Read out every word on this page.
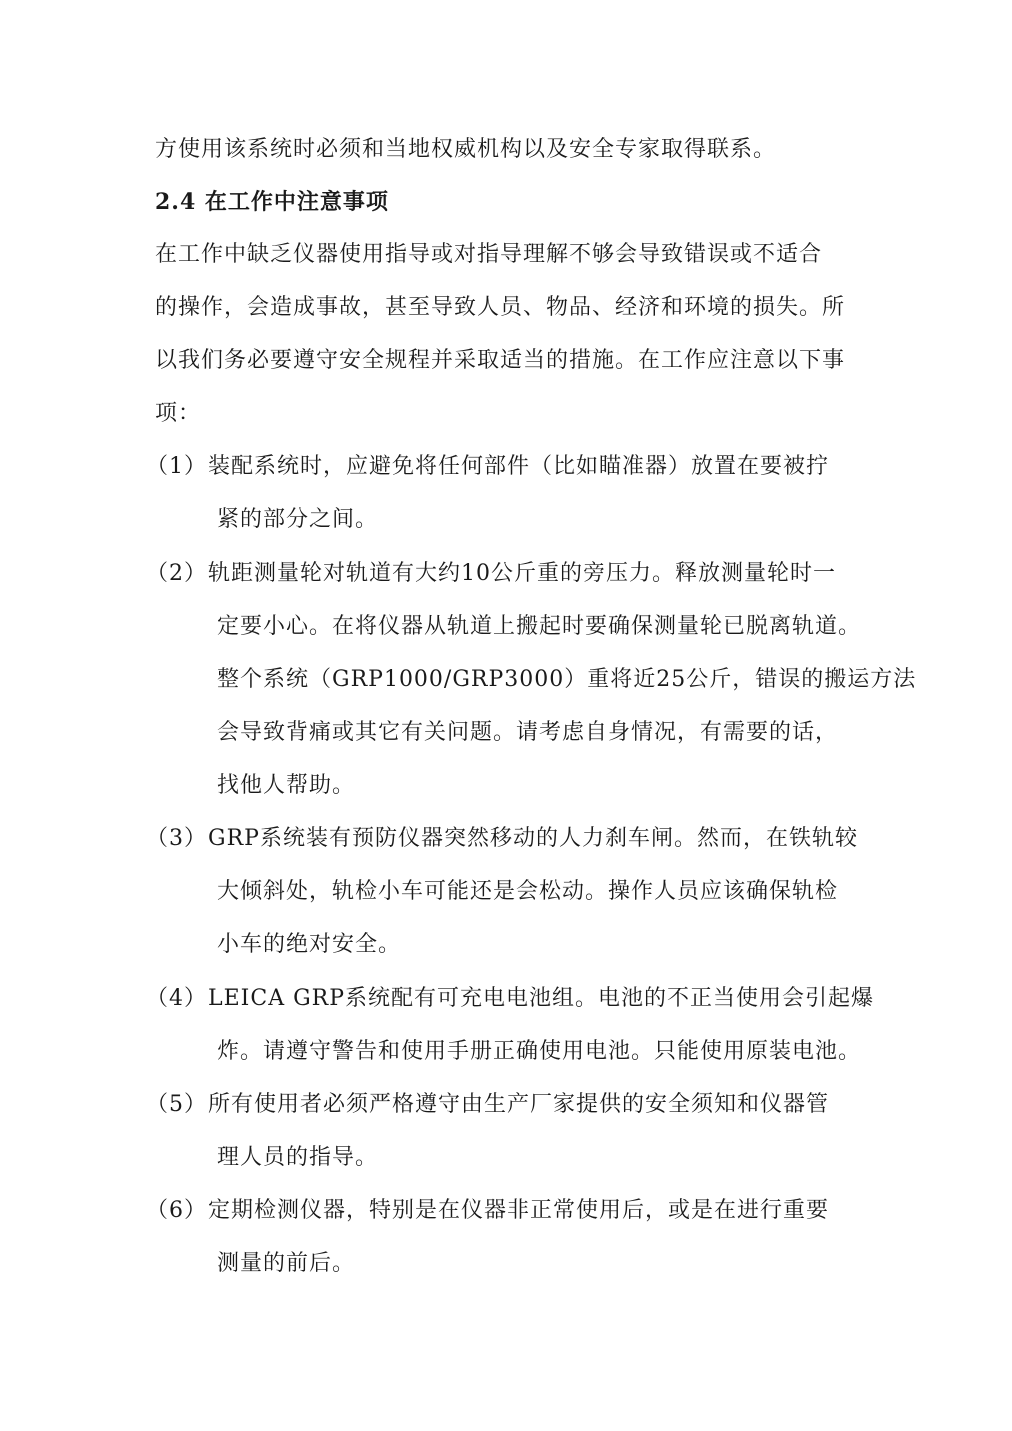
方使用该系统时必须和当地权威机构以及安全专家取得联系。
2.4 在工作中注意事项
在工作中缺乏仪器使用指导或对指导理解不够会导致错误或不适合
的操作，会造成事故，甚至导致人员、物品、经济和环境的损失。所
以我们务必要遵守安全规程并采取适当的措施。在工作应注意以下事
项：
（1）装配系统时，应避免将任何部件（比如瞄准器）放置在要被拧
紧的部分之间。
（2）轨距测量轮对轨道有大约10公斤重的旁压力。释放测量轮时一
定要小心。在将仪器从轨道上搬起时要确保测量轮已脱离轨道。
整个系统（GRP1000/GRP3000）重将近25公斤，错误的搬运方法
会导致背痛或其它有关问题。请考虑自身情况，有需要的话，
找他人帮助。
（3）GRP系统装有预防仪器突然移动的人力刹车闸。然而，在铁轨较
大倾斜处，轨检小车可能还是会松动。操作人员应该确保轨检
小车的绝对安全。
（4）LEICA GRP系统配有可充电电池组。电池的不正当使用会引起爆
炸。请遵守警告和使用手册正确使用电池。只能使用原装电池。
（5）所有使用者必须严格遵守由生产厂家提供的安全须知和仪器管
理人员的指导。
（6）定期检测仪器，特别是在仪器非正常使用后，或是在进行重要
测量的前后。
